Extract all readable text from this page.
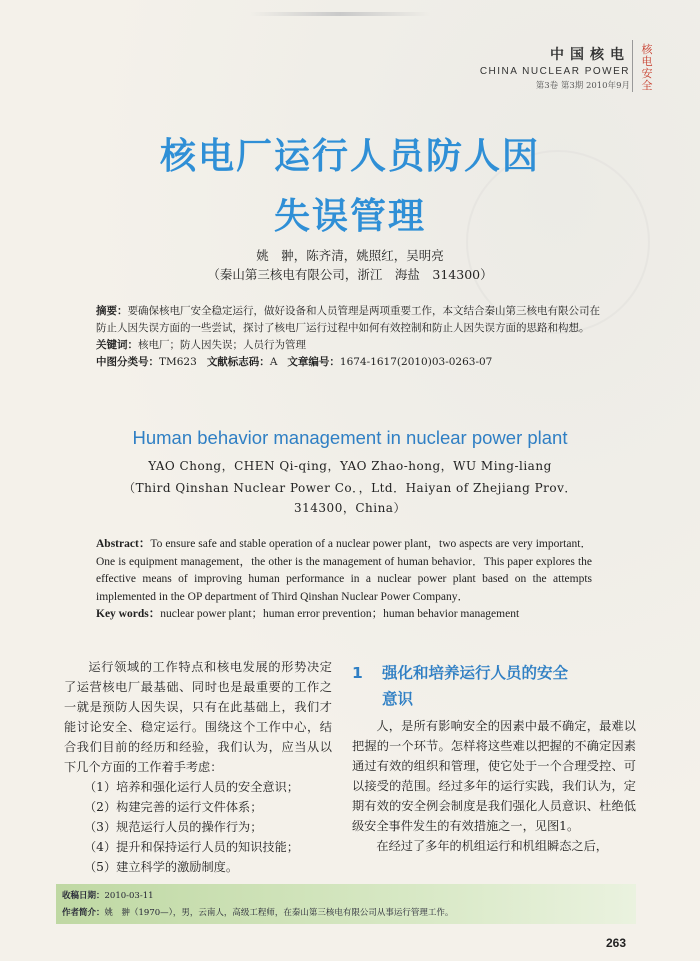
中国核电
CHINA NUCLEAR POWER
第3卷 第3期 2010年9月
核电安全
核电厂运行人员防人因
失误管理
姚　翀，陈齐清，姚照红，吴明亮
（秦山第三核电有限公司，浙江　海盐　314300）

摘要：要确保核电厂安全稳定运行，做好设备和人员管理是两项重要工作，本文结合秦山第三核电有限公司在防止人因失误方面的一些尝试，探讨了核电厂运行过程中如何有效控制和防止人因失误方面的思路和构想。

关键词：核电厂；防人因失误；人员行为管理

中图分类号：TM623 文献标志码：A 文章编号：1674-1617(2010)03-0263-07

Human behavior management in nuclear power plant
YAO Chong，CHEN Qi-qing，YAO Zhao-hong，WU Ming-liang
（Third Qinshan Nuclear Power Co．，Ltd．Haiyan of Zhejiang Prov．314300，China）

Abstract：To ensure safe and stable operation of a nuclear power plant，two aspects are very important．One is equipment management，the other is the management of human behavior．This paper explores the effective means of improving human performance in a nuclear power plant based on the attempts implemented in the OP department of Third Qinshan Nuclear Power Company．

Key words：nuclear power plant；human error prevention；human behavior management

运行领域的工作特点和核电发展的形势决定了运营核电厂最基础、同时也是最重要的工作之一就是预防人因失误，只有在此基础上，我们才能讨论安全、稳定运行。围绕这个工作中心，结合我们目前的经历和经验，我们认为，应当从以下几个方面的工作着手考虑：

（1）培养和强化运行人员的安全意识；
（2）构建完善的运行文件体系；
（3）规范运行人员的操作行为；
（4）提升和保持运行人员的知识技能；
（5）建立科学的激励制度。
1 强化和培养运行人员的安全
意识

人，是所有影响安全的因素中最不确定，最难以把握的一个环节。怎样将这些难以把握的不确定因素通过有效的组织和管理，使它处于一个合理受控、可以接受的范围。经过多年的运行实践，我们认为，定期有效的安全例会制度是我们强化人员意识、杜绝低级安全事件发生的有效措施之一，见图1。

在经过了多年的机组运行和机组瞬态之后，

收稿日期：2010-03-11
作者简介：姚　翀（1970—），男，云南人，高级工程师，在秦山第三核电有限公司从事运行管理工作。
263
